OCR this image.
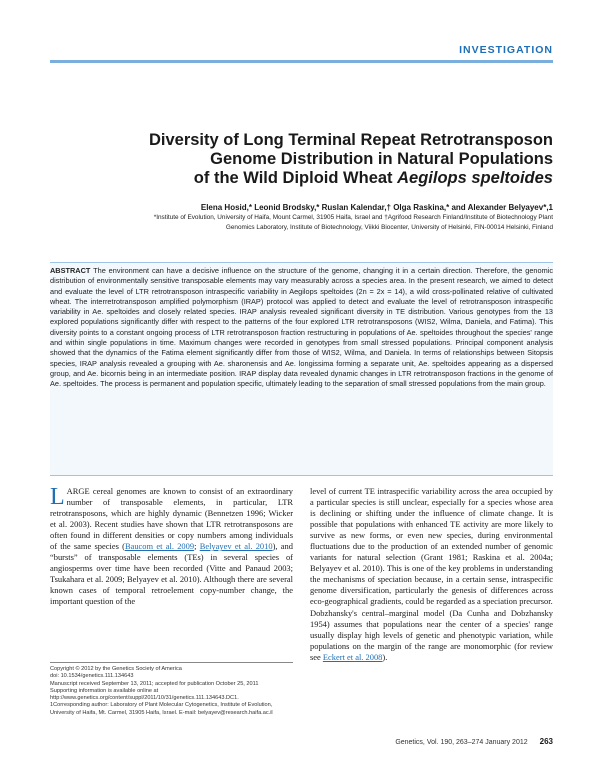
INVESTIGATION
Diversity of Long Terminal Repeat Retrotransposon
Genome Distribution in Natural Populations
of the Wild Diploid Wheat Aegilops speltoides
Elena Hosid,* Leonid Brodsky,* Ruslan Kalendar,† Olga Raskina,* and Alexander Belyayev*,1
*Institute of Evolution, University of Haifa, Mount Carmel, 31905 Haifa, Israel and †Agrifood Research Finland/Institute of Biotechnology Plant Genomics Laboratory, Institute of Biotechnology, Viikki Biocenter, University of Helsinki, FIN-00014 Helsinki, Finland
ABSTRACT The environment can have a decisive influence on the structure of the genome, changing it in a certain direction. Therefore, the genomic distribution of environmentally sensitive transposable elements may vary measurably across a species area. In the present research, we aimed to detect and evaluate the level of LTR retrotransposon intraspecific variability in Aegilops speltoides (2n = 2x = 14), a wild cross-pollinated relative of cultivated wheat. The interretrotransposon amplified polymorphism (IRAP) protocol was applied to detect and evaluate the level of retrotransposon intraspecific variability in Ae. speltoides and closely related species. IRAP analysis revealed significant diversity in TE distribution. Various genotypes from the 13 explored populations significantly differ with respect to the patterns of the four explored LTR retrotransposons (WIS2, Wilma, Daniela, and Fatima). This diversity points to a constant ongoing process of LTR retrotransposon fraction restructuring in populations of Ae. speltoides throughout the species' range and within single populations in time. Maximum changes were recorded in genotypes from small stressed populations. Principal component analysis showed that the dynamics of the Fatima element significantly differ from those of WIS2, Wilma, and Daniela. In terms of relationships between Sitopsis species, IRAP analysis revealed a grouping with Ae. sharonensis and Ae. longissima forming a separate unit, Ae. speltoides appearing as a dispersed group, and Ae. bicornis being in an intermediate position. IRAP display data revealed dynamic changes in LTR retrotransposon fractions in the genome of Ae. speltoides. The process is permanent and population specific, ultimately leading to the separation of small stressed populations from the main group.
LARGE cereal genomes are known to consist of an extraordinary number of transposable elements, in particular, LTR retrotransposons, which are highly dynamic (Bennetzen 1996; Wicker et al. 2003). Recent studies have shown that LTR retrotransposons are often found in different densities or copy numbers among individuals of the same species (Baucom et al. 2009; Belyayev et al. 2010), and “bursts” of transposable elements (TEs) in several species of angiosperms over time have been recorded (Vitte and Panaud 2003; Tsukahara et al. 2009; Belyayev et al. 2010). Although there are several known cases of temporal retroelement copy-number change, the important question of the
level of current TE intraspecific variability across the area occupied by a particular species is still unclear, especially for a species whose area is declining or shifting under the influence of climate change. It is possible that populations with enhanced TE activity are more likely to survive as new forms, or even new species, during environmental fluctuations due to the production of an extended number of genomic variants for natural selection (Grant 1981; Raskina et al. 2004a; Belyayev et al. 2010). This is one of the key problems in understanding the mechanisms of speciation because, in a certain sense, intraspecific genome diversification, particularly the genesis of differences across eco-geographical gradients, could be regarded as a speciation precursor.
Dobzhansky's central–marginal model (Da Cunha and Dobzhansky 1954) assumes that populations near the center of a species' range usually display high levels of genetic and phenotypic variation, while populations on the margin of the range are monomorphic (for review see Eckert et al. 2008).
Copyright © 2012 by the Genetics Society of America
doi: 10.1534/genetics.111.134643
Manuscript received September 13, 2011; accepted for publication October 25, 2011
Supporting information is available online at http://www.genetics.org/content/suppl/2011/10/31/genetics.111.134643.DC1.
1Corresponding author: Laboratory of Plant Molecular Cytogenetics, Institute of Evolution, University of Haifa, Mt. Carmel, 31905 Haifa, Israel. E-mail: belyayev@research.haifa.ac.il
Genetics, Vol. 190, 263–274 January 2012 263
